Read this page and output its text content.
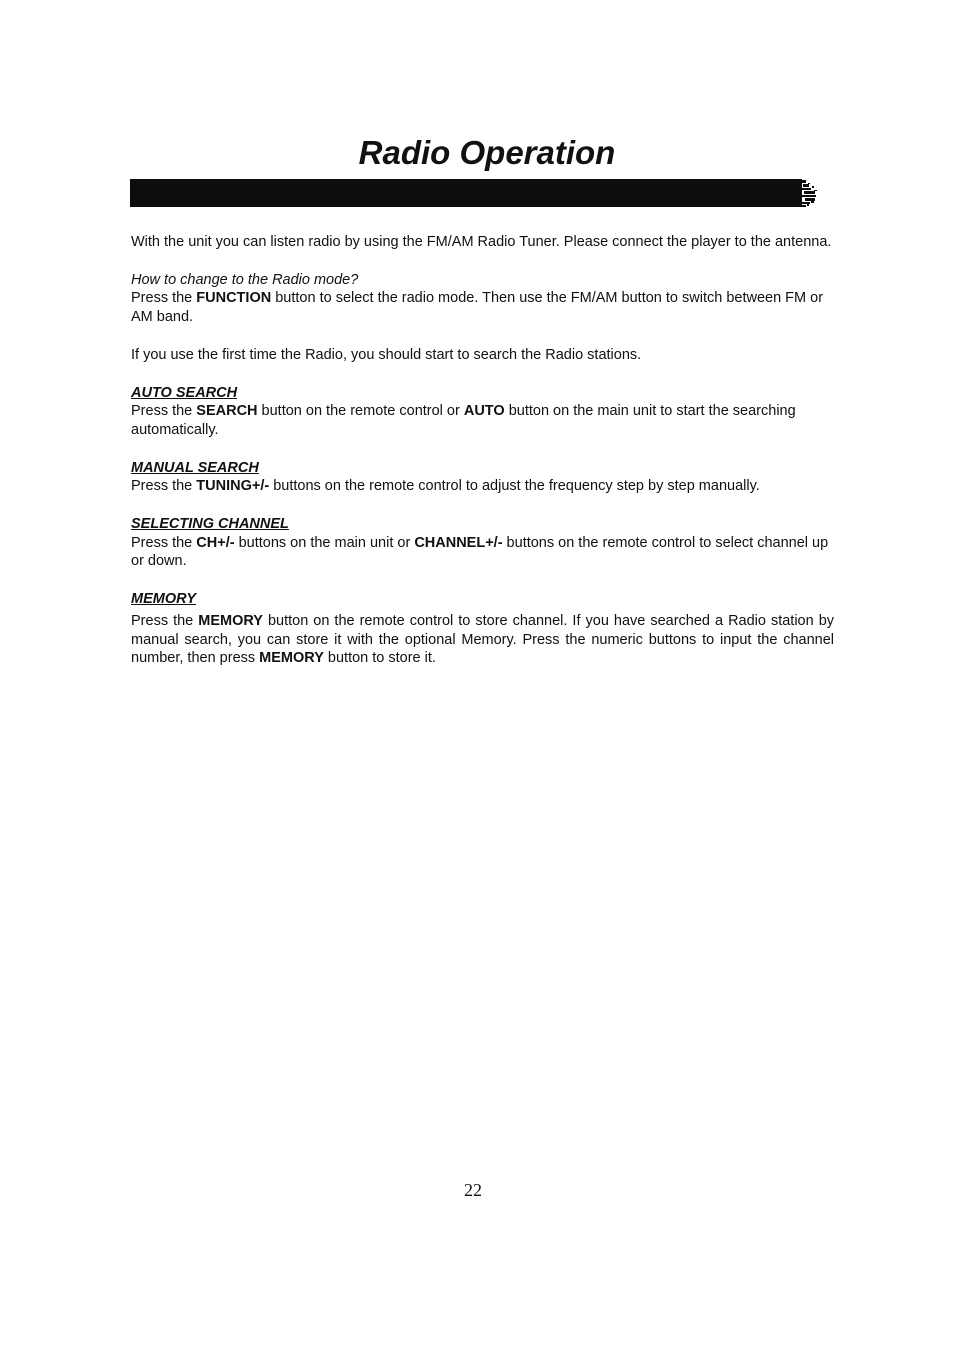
Radio Operation

With the unit you can listen radio by using the FM/AM Radio Tuner. Please connect the player to the antenna.

How to change to the Radio mode?

Press the FUNCTION button to select the radio mode. Then use the FM/AM button to switch between FM or AM band.

If you use the first time the Radio, you should start to search the Radio stations.

AUTO SEARCH

Press the SEARCH button on the remote control or AUTO button on the main unit to start the searching automatically.

MANUAL SEARCH

Press the TUNING+/- buttons on the remote control to adjust the frequency step by step manually.

SELECTING CHANNEL

Press the CH+/- buttons on the main unit or CHANNEL+/- buttons on the remote control to select channel up or down.

MEMORY

Press the MEMORY button on the remote control to store channel. If you have searched a Radio station by manual search, you can store it with the optional Memory. Press the numeric buttons to input the channel number, then press MEMORY button to store it.

22
